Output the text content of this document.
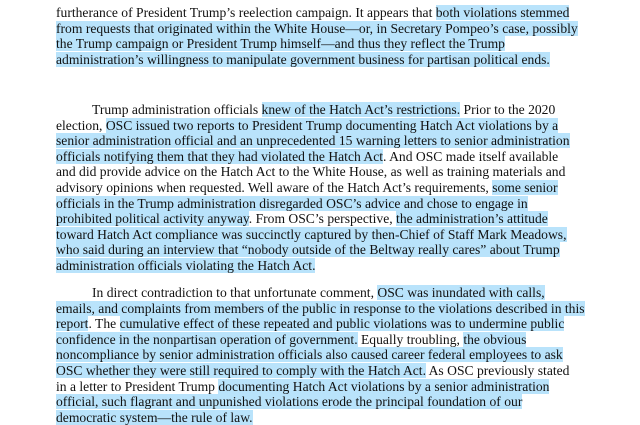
furtherance of President Trump’s reelection campaign. It appears that both violations stemmed
from requests that originated within the White House—or, in Secretary Pompeo’s case, possibly
the Trump campaign or President Trump himself—and thus they reflect the Trump
administration’s willingness to manipulate government business for partisan political ends.
Trump administration officials knew of the Hatch Act’s restrictions. Prior to the 2020
election, OSC issued two reports to President Trump documenting Hatch Act violations by a
senior administration official and an unprecedented 15 warning letters to senior administration
officials notifying them that they had violated the Hatch Act. And OSC made itself available
and did provide advice on the Hatch Act to the White House, as well as training materials and
advisory opinions when requested. Well aware of the Hatch Act’s requirements, some senior
officials in the Trump administration disregarded OSC’s advice and chose to engage in
prohibited political activity anyway. From OSC’s perspective, the administration’s attitude
toward Hatch Act compliance was succinctly captured by then-Chief of Staff Mark Meadows,
who said during an interview that “nobody outside of the Beltway really cares” about Trump
administration officials violating the Hatch Act.
In direct contradiction to that unfortunate comment, OSC was inundated with calls,
emails, and complaints from members of the public in response to the violations described in this
report. The cumulative effect of these repeated and public violations was to undermine public
confidence in the nonpartisan operation of government. Equally troubling, the obvious
noncompliance by senior administration officials also caused career federal employees to ask
OSC whether they were still required to comply with the Hatch Act. As OSC previously stated
in a letter to President Trump documenting Hatch Act violations by a senior administration
official, such flagrant and unpunished violations erode the principal foundation of our
democratic system—the rule of law.
